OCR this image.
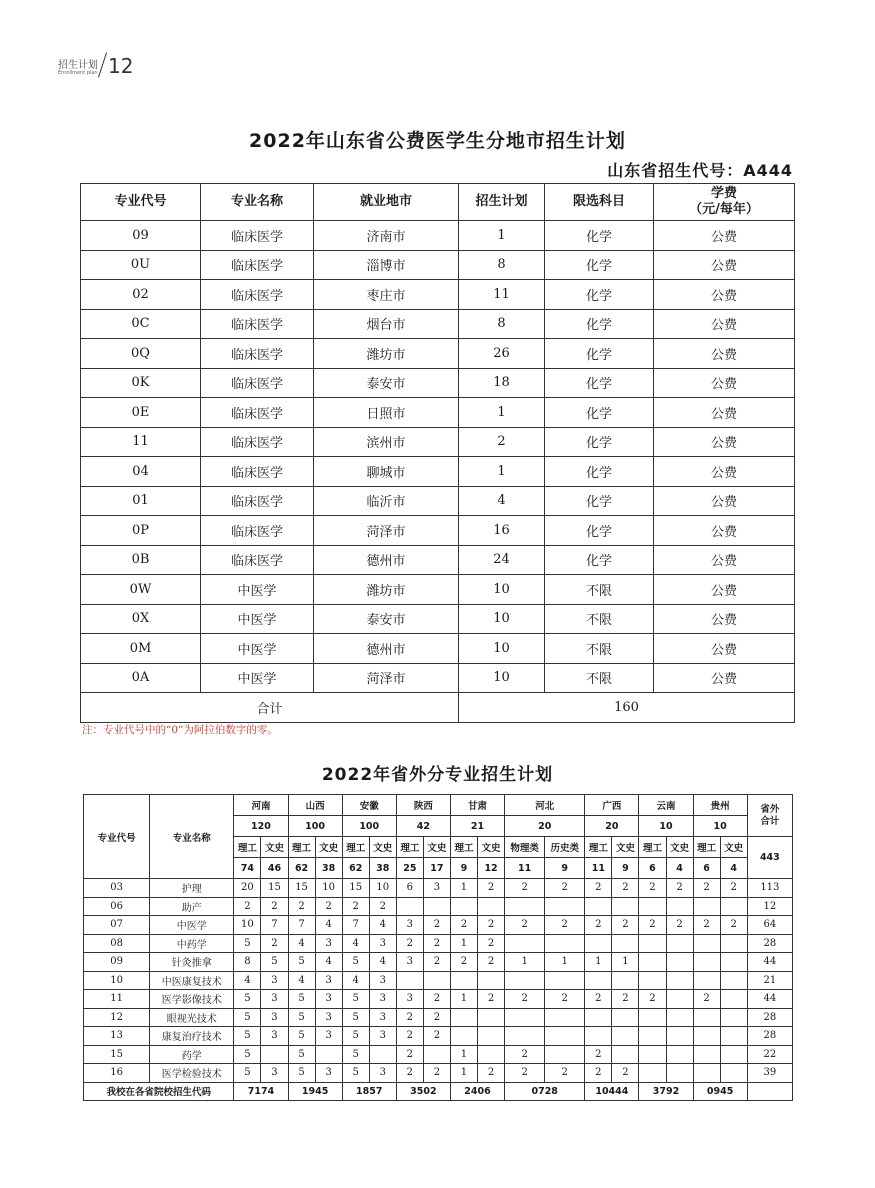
招生计划
Enrollment plan 12
2022年山东省公费医学生分地市招生计划
山东省招生代号：A444
专业代号	专业名称	就业地市	招生计划	限选科目	学费
（元/每年）
09	临床医学	济南市	1	化学	公费
0U	临床医学	淄博市	8	化学	公费
02	临床医学	枣庄市	11	化学	公费
0C	临床医学	烟台市	8	化学	公费
0Q	临床医学	潍坊市	26	化学	公费
0K	临床医学	泰安市	18	化学	公费
0E	临床医学	日照市	1	化学	公费
11	临床医学	滨州市	2	化学	公费
04	临床医学	聊城市	1	化学	公费
01	临床医学	临沂市	4	化学	公费
0P	临床医学	菏泽市	16	化学	公费
0B	临床医学	德州市	24	化学	公费
0W	中医学	潍坊市	10	不限	公费
0X	中医学	泰安市	10	不限	公费
0M	中医学	德州市	10	不限	公费
0A	中医学	菏泽市	10	不限	公费
合计			160		
注：专业代号中的“0”为阿拉伯数字的零。
2022年省外分专业招生计划
专业代号	专业名称	河南		山西		安徽		陕西		甘肃		河北		广西		云南		贵州		省外合计
		120		100		100		42		21		20		20		10		10		
		理工	文史	理工	文史	理工	文史	理工	文史	理工	文史	物理类	历史类	理工	文史	理工	文史	理工	文史	443
		74	46	62	38	62	38	25	17	9	12	11	9	11	9	6	4	6	4	
03	护理	20	15	15	10	15	10	6	3	1	2	2	2	2	2	2	2	2	2	113
06	助产	2	2	2	2	2	2													12
07	中医学	10	7	7	4	7	4	3	2	2	2	2	2	2	2	2	2	2	2	64
08	中药学	5	2	4	3	4	3	2	2	1	2									28
09	针灸推拿	8	5	5	4	5	4	3	2	2	2	1	1	1	1					44
10	中医康复技术	4	3	4	3	4	3													21
11	医学影像技术	5	3	5	3	5	3	3	2	1	2	2	2	2	2	2		2		44
12	眼视光技术	5	3	5	3	5	3	2	2											28
13	康复治疗技术	5	3	5	3	5	3	2	2											28
15	药学	5		5		5		2		1		2		2						22
16	医学检验技术	5	3	5	3	5	3	2	2	1	2	2	2	2	2					39
我校在各省院校招生代码		7174		1945		1857		3502		2406		0728		10444		3792		0945		
